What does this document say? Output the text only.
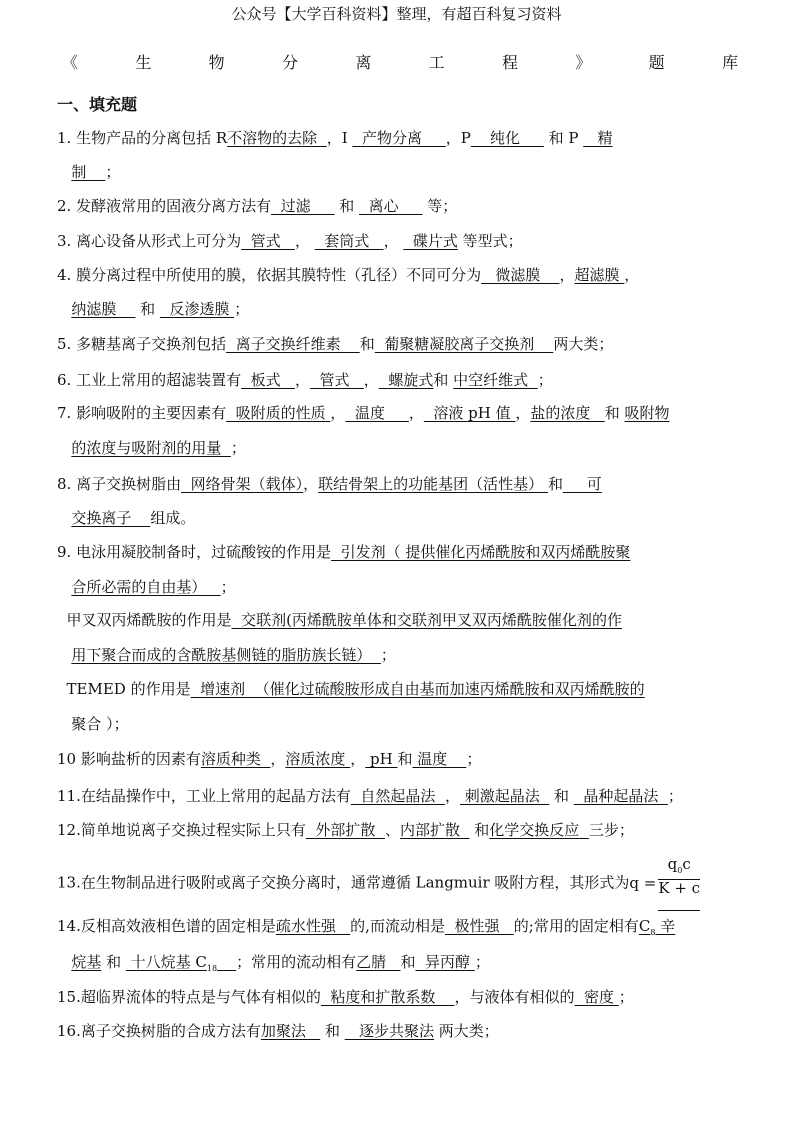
公众号【大学百科资料】整理，有超百科复习资料
《	生	物	分	离	工	程	》	题	库
一、填充题
1. 生物产品的分离包括 R不溶物的去除  ，I   产物分离     ，P    纯化      和 P    精
制    ；
2. 发酵液常用的固液分离方法有  过滤      和   离心      等；
3. 离心设备从形式上可分为  管式   ，   套筒式   ，   碟片式 等型式；
4. 膜分离过程中所使用的膜，依据其膜特性（孔径）不同可分为   微滤膜    ，超滤膜 ，
纳滤膜     和   反渗透膜 ；
5. 多糖基离子交换剂包括  离子交换纤维素    和  葡聚糖凝胶离子交换剂    两大类；
6. 工业上常用的超滤装置有  板式   ，  管式   ，  螺旋式和 中空纤维式  ；
7. 影响吸附的主要因素有  吸附质的性质 ，  温度     ，  溶液 pH 值 ，盐的浓度   和 吸附物
的浓度与吸附剂的用量  ；
8. 离子交换树脂由  网络骨架（载体），联结骨架上的功能基团（活性基） 和     可
交换离子    组成。
9. 电泳用凝胶制备时，过硫酸铵的作用是  引发剂（ 提供催化丙烯酰胺和双丙烯酰胺聚
合所必需的自由基）   ；
甲叉双丙烯酰胺的作用是  交联剂(丙烯酰胺单体和交联剂甲叉双丙烯酰胺催化剂的作
用下聚合而成的含酰胺基侧链的脂肪族长链）  ；
TEMED 的作用是  增速剂  （催化过硫酸胺形成自由基而加速丙烯酰胺和双丙烯酰胺的
聚合 ）；
10 影响盐析的因素有溶质种类  ，溶质浓度 ， pH 和 温度    ；
11.在结晶操作中，工业上常用的起晶方法有  自然起晶法  ， 刺激起晶法   和   晶种起晶法  ；
12.简单地说离子交换过程实际上只有  外部扩散  、内部扩散   和化学交换反应  三步；
13.在生物制品进行吸附或离子交换分离时，通常遵循 Langmuir 吸附方程，其形式为$q = \frac{q_0c}{K + c}$
14.反相高效液相色谱的固定相是疏水性强   的,而流动相是  极性强   的;常用的固定相有$C_8$ 辛
烷基 和  十八烷基 $C_{18}$ ；常用的流动相有乙腈   和  异丙醇 ；
15.超临界流体的特点是与气体有相似的  粘度和扩散系数    ，与液体有相似的  密度 ；
16.离子交换树脂的合成方法有加聚法    和    逐步共聚法 两大类；
